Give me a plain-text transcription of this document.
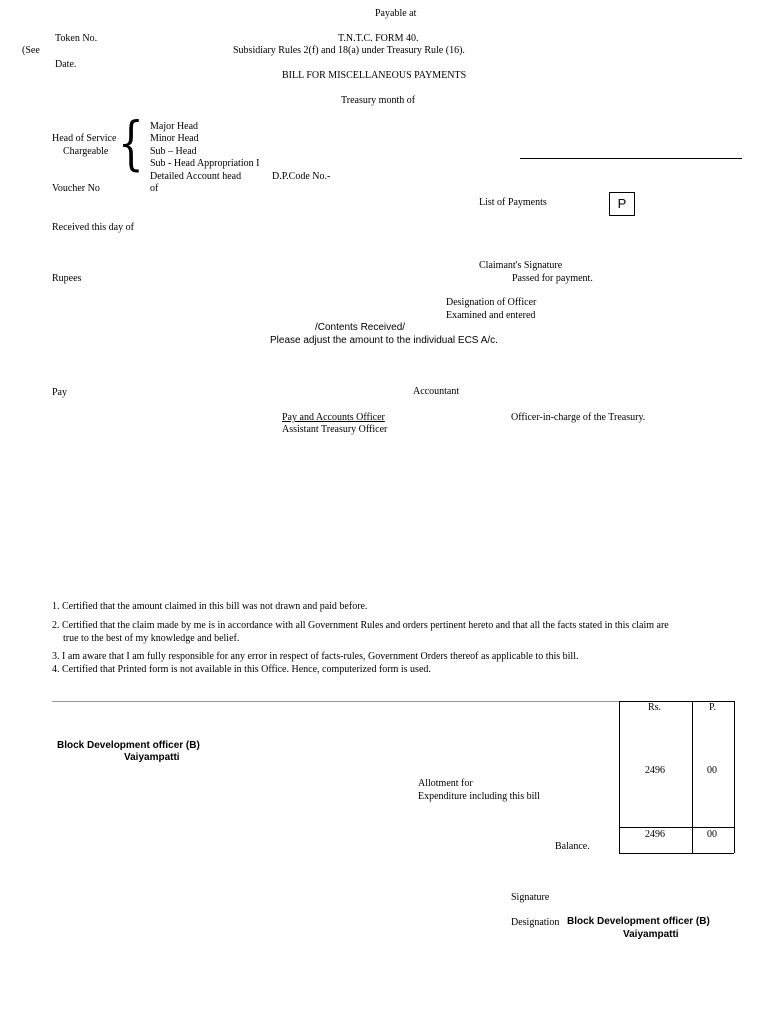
Payable at
Token No.	T.N.T.C. FORM 40.
(See	Subsidiary Rules 2(f) and 18(a) under Treasury Rule (16).
Date.
BILL FOR MISCELLANEOUS PAYMENTS
Treasury month of
Head of Service
Chargeable { Major Head
Minor Head
Sub – Head
Sub - Head Appropriation I
Detailed Account head	D.P.Code No.-
Voucher No	of
List of Payments	P
Received this day of
Claimant's Signature
Rupees	Passed for payment.
Designation of Officer
Examined and entered
/Contents Received/
Please adjust the amount to the individual ECS A/c.
Pay	Accountant
Pay and Accounts Officer	Officer-in-charge of the Treasury.
Assistant Treasury Officer
1. Certified that the amount claimed in this bill was not drawn and paid before.
2. Certified that the claim made by me is in accordance with all Government Rules and orders pertinent hereto and that all the facts stated in this claim are
true to the best of my knowledge and belief.
3. I am aware that I am fully responsible for any error in respect of facts-rules, Government Orders thereof as applicable to this bill.
4. Certified that Printed form is not available in this Office. Hence, computerized form is used.
Rs.	P.
Block Development officer (B)
Vaiyampatti
Allotment for
Expenditure including this bill
2496	00
2496	00
Balance.
Signature
Designation Block Development officer (B)
Vaiyampatti
